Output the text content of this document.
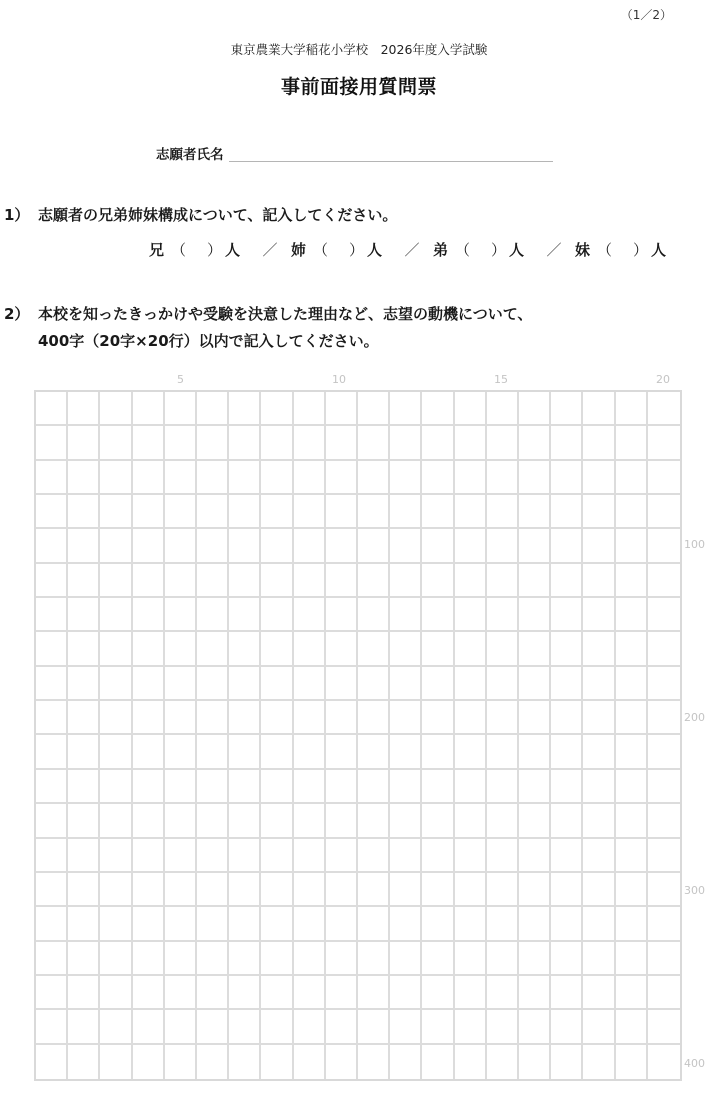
（1／2）
東京農業大学稲花小学校　2026年度入学試験
事前面接用質問票
志願者氏名
1） 志願者の兄弟姉妹構成について、記入してください。
兄 （	） 人	／ 姉 （	） 人	／ 弟 （	） 人	／ 妹 （	） 人
2） 本校を知ったきっかけや受験を決意した理由など、志望の動機について、
400字（20字×20行）以内で記入してください。
5	10	15	20
100
200
300
400
